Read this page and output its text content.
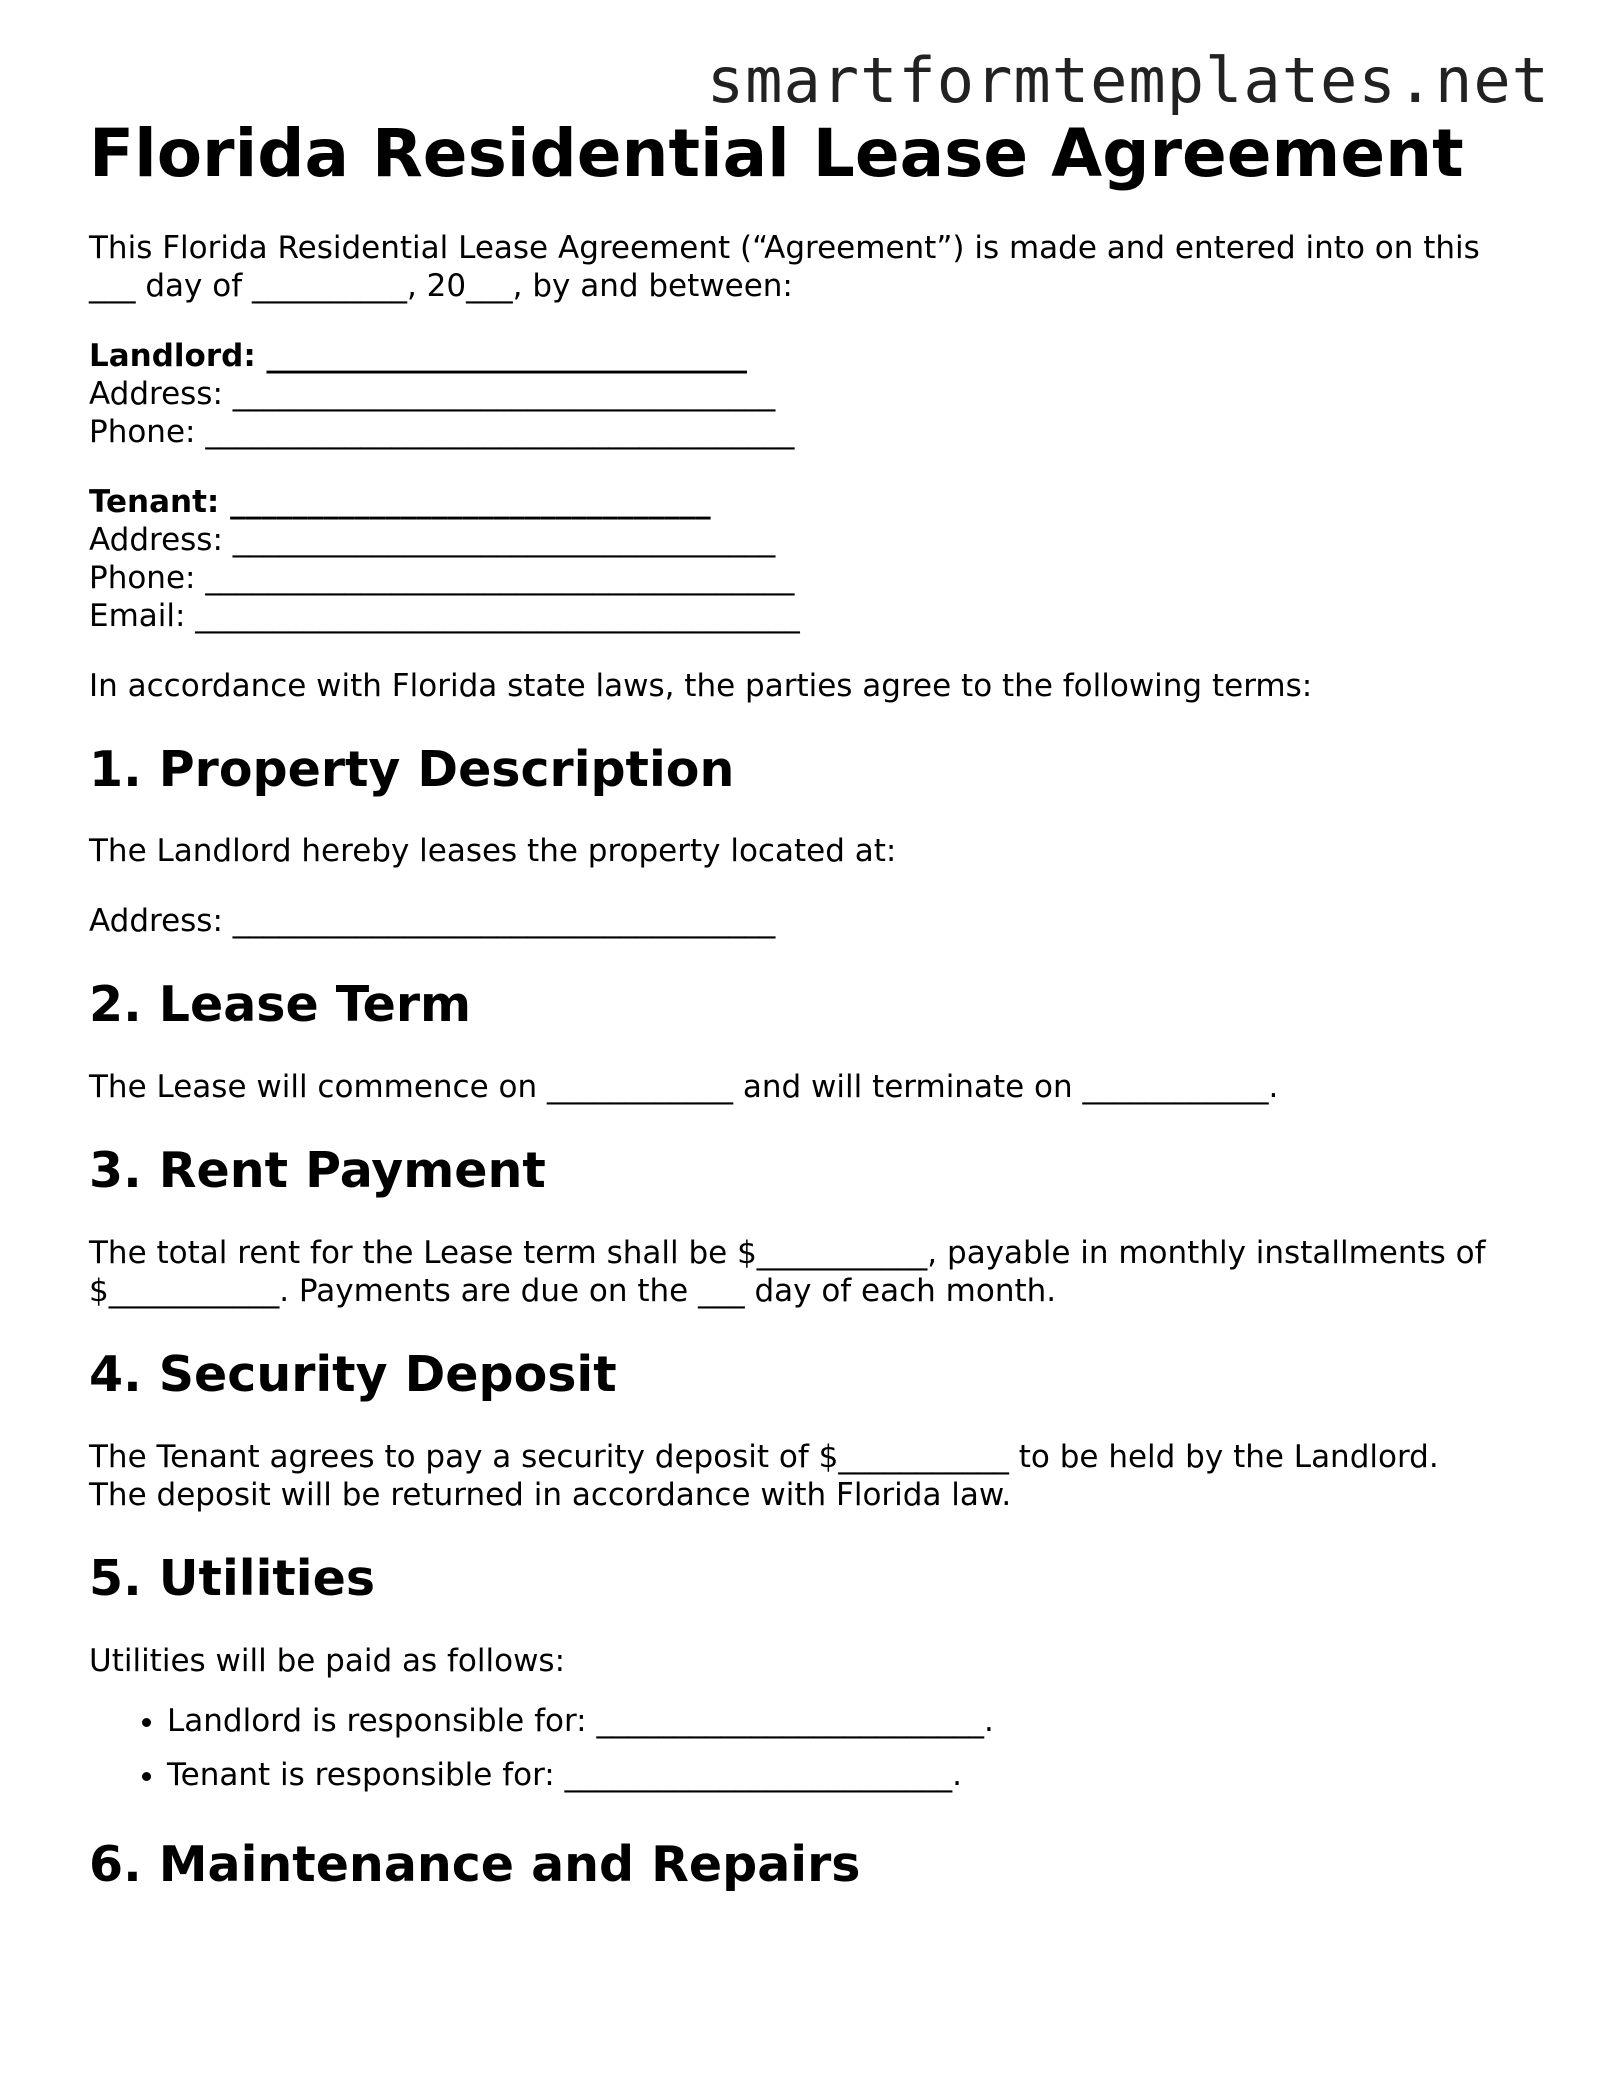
smartformtemplates.net
Florida Residential Lease Agreement
This Florida Residential Lease Agreement (“Agreement”) is made and entered into on this
___ day of __________, 20___, by and between:
Landlord: _______________________________
Address: ___________________________________
Phone: ______________________________________
Tenant: _______________________________
Address: ___________________________________
Phone: ______________________________________
Email: _______________________________________
In accordance with Florida state laws, the parties agree to the following terms:
1. Property Description
The Landlord hereby leases the property located at:
Address: ___________________________________
2. Lease Term
The Lease will commence on ____________ and will terminate on ____________.
3. Rent Payment
The total rent for the Lease term shall be $___________, payable in monthly installments of
$___________. Payments are due on the ___ day of each month.
4. Security Deposit
The Tenant agrees to pay a security deposit of $___________ to be held by the Landlord.
The deposit will be returned in accordance with Florida law.
5. Utilities
Utilities will be paid as follows:
• Landlord is responsible for: _________________________.
• Tenant is responsible for: _________________________.
6. Maintenance and Repairs
